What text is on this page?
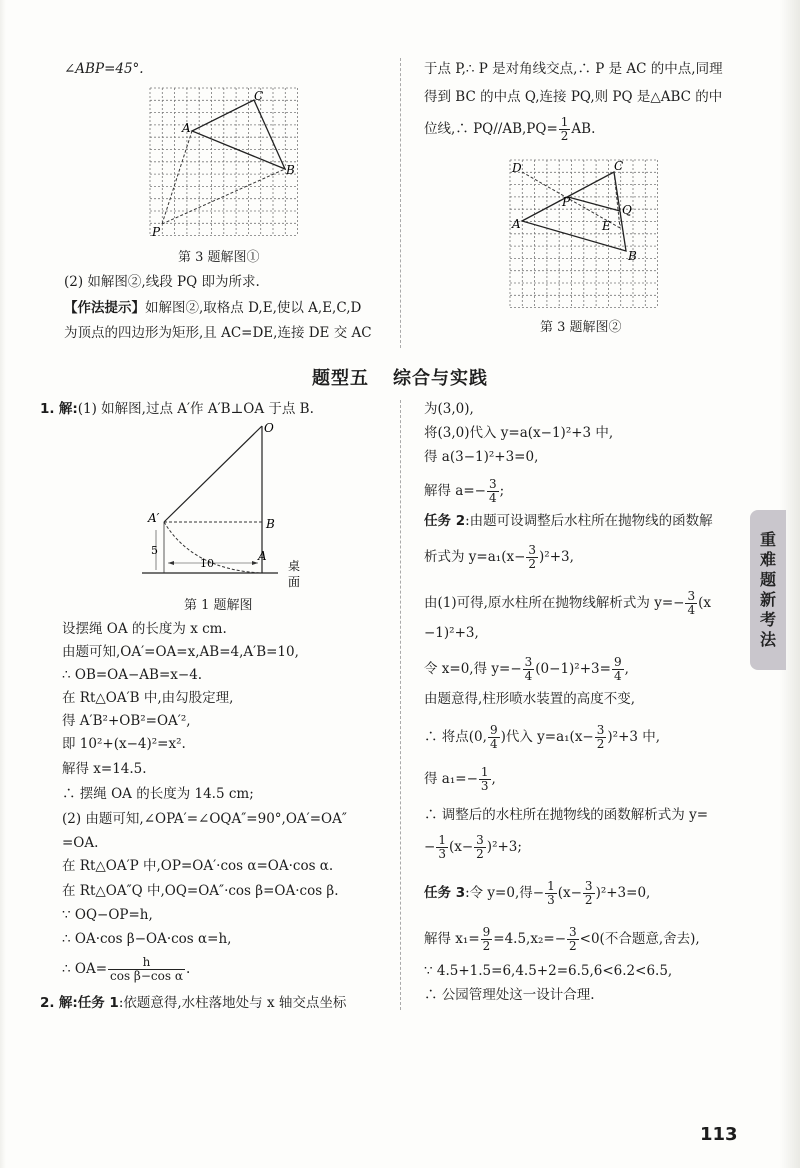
∠ABP=45°.
A
C
B
P
第 3 题解图①
(2) 如解图②,线段 PQ 即为所求.
【作法提示】如解图②,取格点 D,E,使以 A,E,C,D
为顶点的四边形为矩形,且 AC=DE,连接 DE 交 AC
于点 P,∴ P 是对角线交点,∴ P 是 AC 的中点,同理
得到 BC 的中点 Q,连接 PQ,则 PQ 是△ABC 的中
位线,∴ $PQ//AB,PQ= \frac{1}{2}$ AB.
D	C
P
Q
E
A
B
第 3 题解图②
题型五 综合与实践
1. 解:(1) 如解图,过点 A′作 A′B⊥OA 于点 B.
O
A′	B
A
5
10	桌
面
第 1 题解图
设摆绳 OA 的长度为 x cm.
由题可知,OA′=OA=x,AB=4,A′B=10,
∴ OB=OA−AB=x−4.
在 Rt△OA′B 中,由勾股定理,
得 A′B²+OB²=OA′²,
即 10²+(x−4)²=x².
解得 x=14.5.
∴ 摆绳 OA 的长度为 14.5 cm;
(2) 由题可知,∠OPA′=∠OQA″=90°,OA′=OA″
=OA.
在 Rt△OA′P 中,OP=OA′·cos α=OA·cos α.
在 Rt△OA″Q 中,OQ=OA″·cos β=OA·cos β.
∵ OQ−OP=h,
∴ OA·cos β−OA·cos α=h,
∴ $OA= \frac{h}{\text{cos β−cos α}}$ .
2. 解:任务 1:依题意得,水柱落地处与 x 轴交点坐标
为(3,0),
将(3,0)代入 y=a(x−1)²+3 中,
得 a(3−1)²+3=0,
解得 $a=- \frac{3}{4}$ ;
任务 2:由题可设调整后水柱所在抛物线的函数解
析式为 $y=a_1(x- \frac{3}{2} )^2+3$,
由(1)可得,原水柱所在抛物线解析式为 $y=- \frac{3}{4} (x$
−1)²+3,
令 x=0,得 $y=- \frac{3}{4} (0-1)^2+3= \frac{9}{4}$ ,
由题意得,柱形喷水装置的高度不变,
∴ 将点(0, $\frac{9}{4}$ )代入 $y=a_1(x- \frac{3}{2} )^2+3$ 中,
得 $a_1=- \frac{1}{3}$ ,
∴ 调整后的水柱所在抛物线的函数解析式为 y=
− $\frac{1}{3} (x- \frac{3}{2} )^2+3$;
任务 3:令 y=0,得− $\frac{1}{3} (x- \frac{3}{2} )^2+3=0$,
解得 $x_1= \frac{9}{2} =4.5,x_2=- \frac{3}{2} <0$(不合题意,舍去),
∵ 4.5+1.5=6,4.5+2=6.5,6<6.2<6.5,
∴ 公园管理处这一设计合理.
重
难
题
新
考
法
113
